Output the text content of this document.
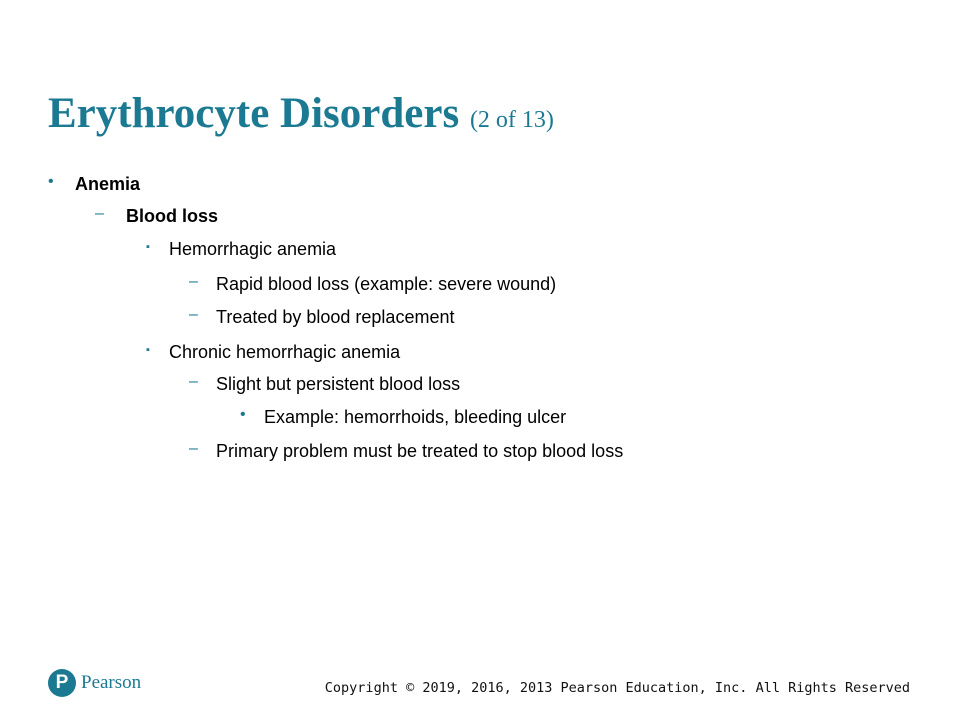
Erythrocyte Disorders (2 of 13)
• Anemia
– Blood loss
▪ Hemorrhagic anemia
– Rapid blood loss (example: severe wound)
– Treated by blood replacement
▪ Chronic hemorrhagic anemia
– Slight but persistent blood loss
• Example: hemorrhoids, bleeding ulcer
– Primary problem must be treated to stop blood loss
P Pearson	Copyright © 2019, 2016, 2013 Pearson Education, Inc. All Rights Reserved
